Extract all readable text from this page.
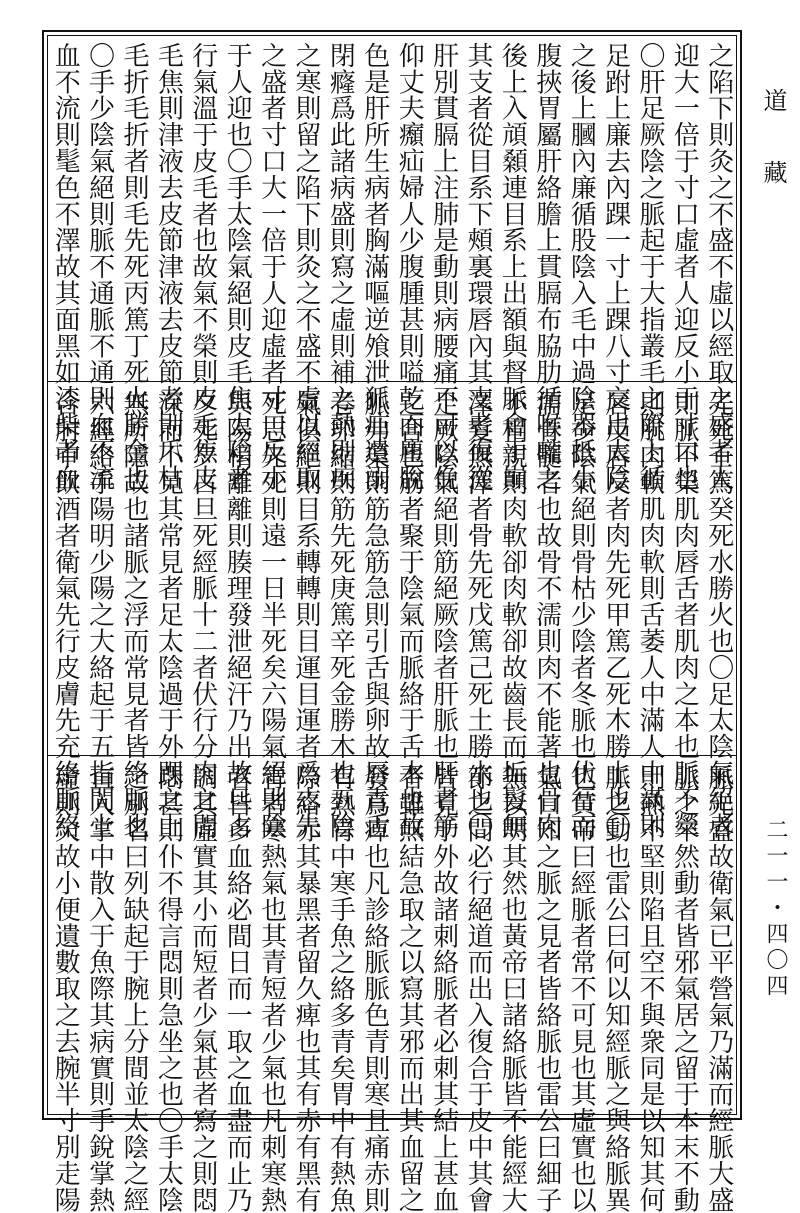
之陷下則灸之不盛不虛以經取之盛者人
迎大一倍于寸口虛者人迎反小于寸口也
〇肝足厥陰之脈起于大指叢毛之際上循
足跗上廉去內踝一寸上踝八寸交出太陰
之後上膕內廉循股陰入毛中過陰器抵小
腹挾胃屬肝絡膽上貫膈布脇肋循喉嚨之
後上入頏顙連目系上出額與督脈會于巔
其支者從目系下頰裏環唇內其支者復從
肝別貫膈上注肺是動則病腰痛不可以俛
仰丈夫㿗疝婦人少腹腫甚則嗌乾面塵脫
色是肝所生病者胸滿嘔逆飧泄狐疝遺溺
閉癃爲此諸病盛則寫之虛則補之熱則疾
之寒則留之陷下則灸之不盛不虛以經取
之盛者寸口大一倍于人迎虛者寸口反小
于人迎也〇手太陰氣絕則皮毛焦太陰者
行氣溫于皮毛者也故氣不榮則皮毛焦皮
毛焦則津液去皮節津液去皮節者則爪枯
毛折毛折者則毛先死丙篤丁死火勝金也
〇手少陰氣絕則脈不通脈不通則血不流
血不流則髦色不澤故其面黑如漆柴者血
先死壬篤癸死水勝火也〇足太陰氣絕者
則脈不榮肌肉唇舌者肌肉之本也脈不榮
則肌肉軟肌肉軟則舌萎人中滿人中滿則
唇反唇反者肉先死甲篤乙死木勝土也〇
足少陰氣絕則骨枯少陰者冬脈也伏行而
濡骨髓者也故骨不濡則肉不能著也骨肉
不相親則肉軟卻肉軟卻故齒長而垢髮無
澤髮無澤者骨先死戊篤己死土勝水也〇
足厥陰氣絕則筋絕厥陰者肝脈也肝者筋
之合也筋者聚于陰氣而脈絡于舌本也故
脈弗榮則筋急筋急則引舌與卵故唇青舌
卷卵縮則筋先死庚篤辛死金勝木也五陰
氣俱絕則目系轉轉則目運目運者爲志先
死志先死則遠一日半死矣六陽氣絕則陰
與陽相離離則腠理發泄絕汗乃出故旦占
夕死夕占旦死經脈十二者伏行分肉之間
深而不見其常見者足太陰過于外踝之上
無所隱故也諸脈之浮而常見者皆絡脈也
六經絡手陽明少陽之大絡起于五指間上
合肘中飲酒者衛氣先行皮膚先充絡脈絡
脈先盛故衛氣已平營氣乃滿而經脈大盛
脈之卒然動者皆邪氣居之留于本末不動
則熱不堅則陷且空不與衆同是以知其何
脈之動也雷公曰何以知經脈之與絡脈異
也黃帝曰經脈者常不可見也其虛實也以
氣口知之脈之見者皆絡脈也雷公曰細子
無以明其然也黃帝曰諸絡脈皆不能經大
節之間必行絕道而出入復合于皮中其會
皆見于外故諸刺絡脈者必刺其結上甚血
者雖無結急取之以寫其邪而出其血留之
發爲痺也凡診絡脈脈色青則寒且痛赤則
有熱胃中寒手魚之絡多青矣胃中有熱魚
際絡赤其暴黑者留久痺也其有赤有黑有
青者寒熱氣也其青短者少氣也凡刺寒熱
者皆多血絡必間日而一取之血盡而止乃
調其虛實其小而短者少氣甚者寫之則悶
悶甚則仆不得言悶則急坐之也〇手太陰
之別名曰列缺起于腕上分間並太陰之經
直入掌中散入于魚際其病實則手銳掌熱
虛則欠故小便遺數取之去腕半寸別走陽
道藏
二一一・四〇四
